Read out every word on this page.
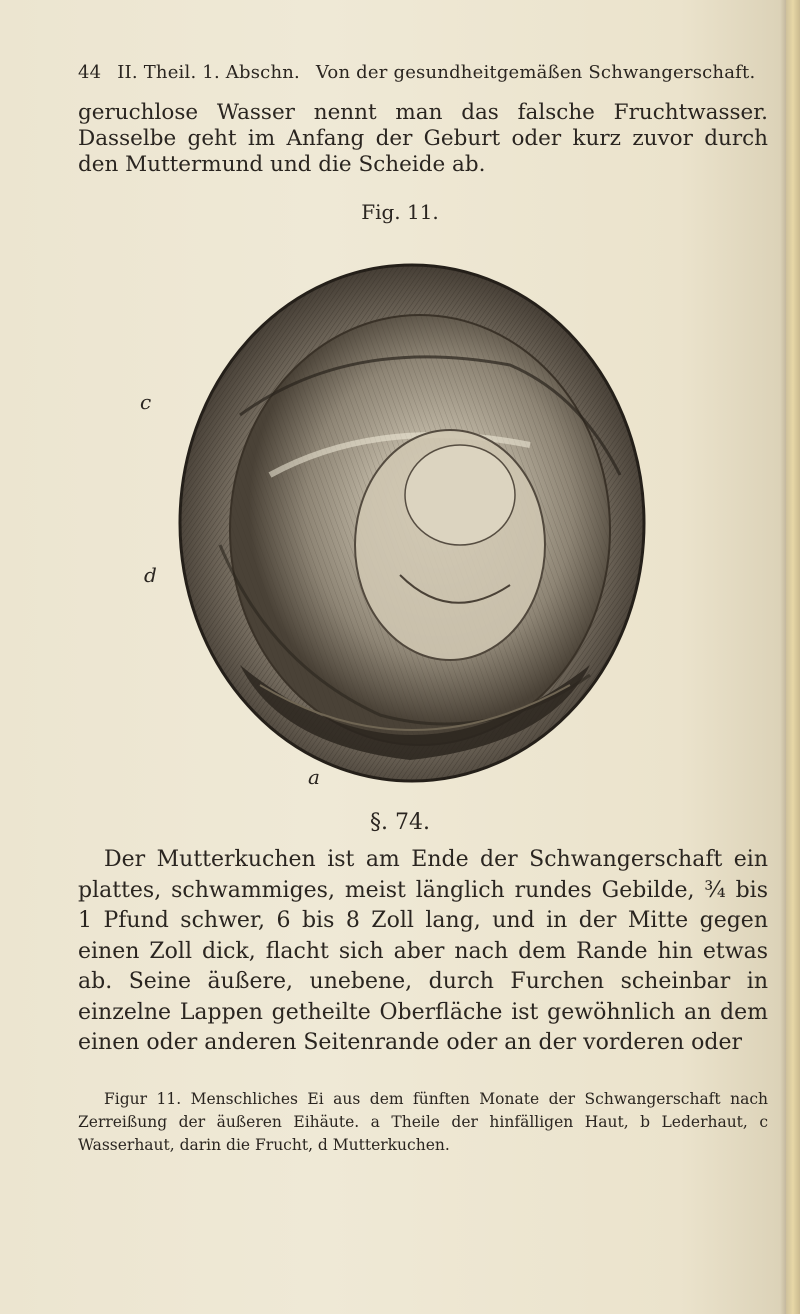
44 II. Theil. 1. Abschn. Von der gesundheitgemäßen Schwangerschaft.
geruchlose Wasser nennt man das falsche Fruchtwasser. Dasselbe geht im Anfang der Geburt oder kurz zuvor durch den Muttermund und die Scheide ab.
Fig. 11.
c
d
a
§. 74.
Der Mutterkuchen ist am Ende der Schwangerschaft ein plattes, schwammiges, meist länglich rundes Gebilde, ¾ bis 1 Pfund schwer, 6 bis 8 Zoll lang, und in der Mitte gegen einen Zoll dick, flacht sich aber nach dem Rande hin etwas ab. Seine äußere, unebene, durch Furchen scheinbar in einzelne Lappen getheilte Oberfläche ist gewöhnlich an dem einen oder anderen Seitenrande oder an der vorderen oder
Figur 11. Menschliches Ei aus dem fünften Monate der Schwangerschaft nach Zerreißung der äußeren Eihäute. a Theile der hinfälligen Haut, b Lederhaut, c Wasserhaut, darin die Frucht, d Mutterkuchen.
